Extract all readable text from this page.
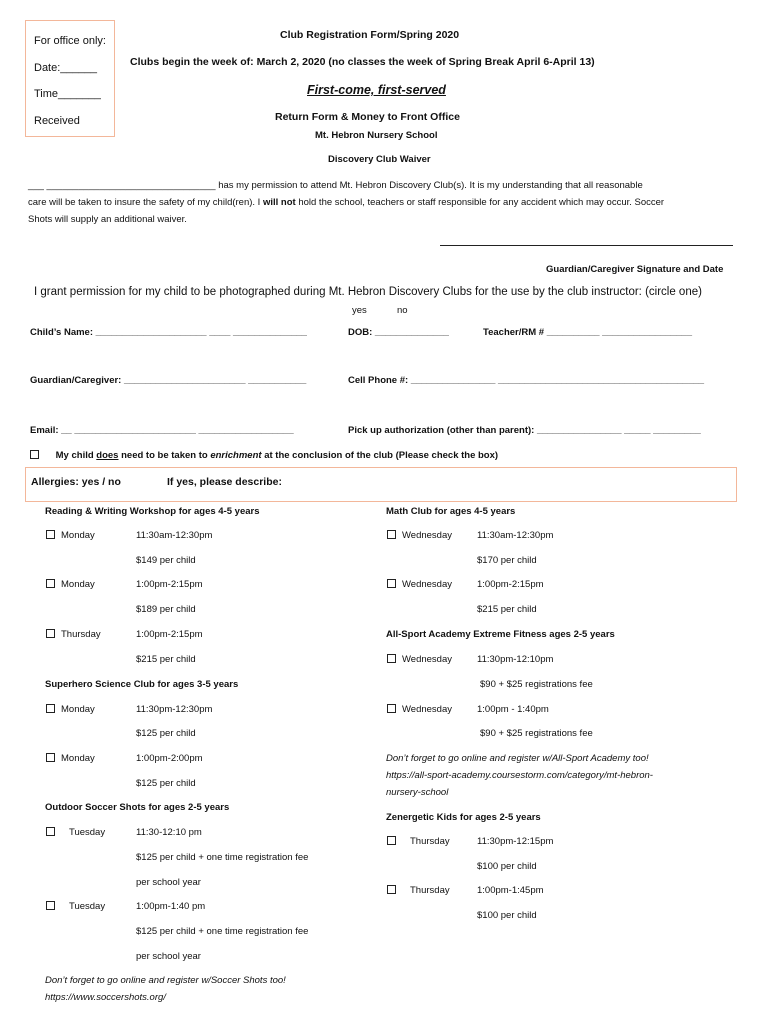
For office only:
Date:______
Time_______
Received
Club Registration Form/Spring 2020
Clubs begin the week of: March 2, 2020 (no classes the week of Spring Break April 6-April 13)
First-come, first-served
Return Form & Money to Front Office
Mt. Hebron Nursery School
Discovery Club Waiver
___ ________________________________ has my permission to attend Mt. Hebron Discovery Club(s). It is my understanding that all reasonable
care will be taken to insure the safety of my child(ren). I will not hold the school, teachers or staff responsible for any accident which may occur. Soccer
Shots will supply an additional waiver.
Guardian/Caregiver Signature and Date
I grant permission for my child to be photographed during Mt. Hebron Discovery Clubs for the use by the club instructor: (circle one)
yes	no
Child’s Name: _____________________ ____ ______________	DOB: ______________	Teacher/RM # __________ _________________
Guardian/Caregiver: _______________________ ___________	Cell Phone #: ________________ _______________________________________
Email: __ _______________________ __________________	Pick up authorization (other than parent): ________________ _____ _________
My child does need to be taken to enrichment at the conclusion of the club (Please check the box)
Allergies: yes / no	If yes, please describe:
Reading & Writing Workshop for ages 4-5 years
Monday	11:30am-12:30pm
$149 per child
Monday	1:00pm-2:15pm
$189 per child
Thursday	1:00pm-2:15pm
$215 per child
Superhero Science Club for ages 3-5 years
Monday	11:30pm-12:30pm
$125 per child
Monday	1:00pm-2:00pm
$125 per child
Outdoor Soccer Shots for ages 2-5 years
Tuesday	11:30-12:10 pm
$125 per child + one time registration fee
per school year
Tuesday	1:00pm-1:40 pm
$125 per child + one time registration fee
per school year
Don’t forget to go online and register w/Soccer Shots too!
https://www.soccershots.org/
Math Club for ages 4-5 years
Wednesday	11:30am-12:30pm
$170 per child
Wednesday	1:00pm-2:15pm
$215 per child
All-Sport Academy Extreme Fitness ages 2-5 years
Wednesday	11:30pm-12:10pm
$90 + $25 registrations fee
Wednesday	1:00pm - 1:40pm
$90 + $25 registrations fee
Don’t forget to go online and register w/All-Sport Academy too!
https://all-sport-academy.coursestorm.com/category/mt-hebron-
nursery-school
Zenergetic Kids for ages 2-5 years
Thursday	11:30pm-12:15pm
$100 per child
Thursday	1:00pm-1:45pm
$100 per child
